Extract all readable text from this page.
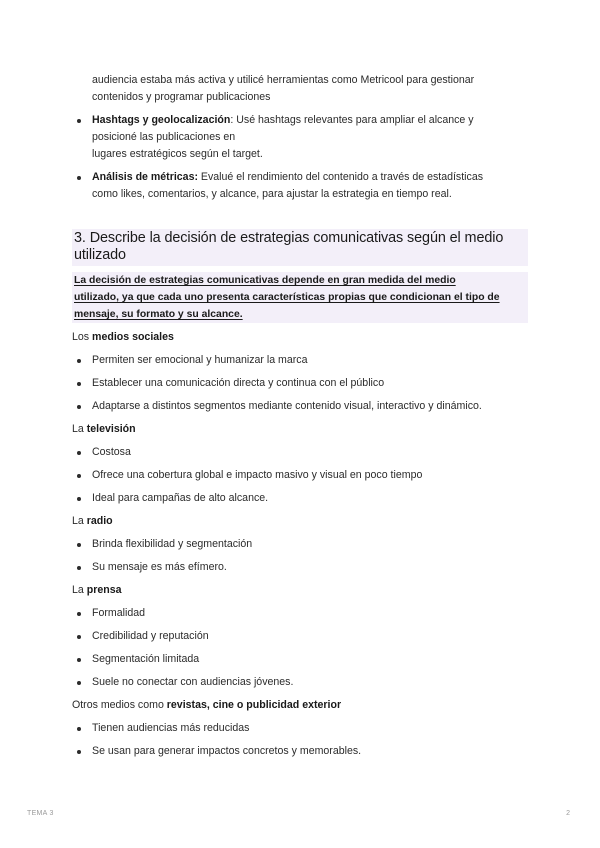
audiencia estaba más activa y utilicé herramientas como Metricool para gestionar
contenidos y programar publicaciones
Hashtags y geolocalización: Usé hashtags relevantes para ampliar el alcance y
posicioné las publicaciones en
lugares estratégicos según el target.
Análisis de métricas: Evalué el rendimiento del contenido a través de estadísticas
como likes, comentarios, y alcance, para ajustar la estrategia en tiempo real.
3. Describe la decisión de estrategias comunicativas según el medio
utilizado
La decisión de estrategias comunicativas depende en gran medida del medio
utilizado, ya que cada uno presenta características propias que condicionan el tipo de
mensaje, su formato y su alcance.
Los medios sociales
Permiten ser emocional y humanizar la marca
Establecer una comunicación directa y continua con el público
Adaptarse a distintos segmentos mediante contenido visual, interactivo y dinámico.
La televisión
Costosa
Ofrece una cobertura global e impacto masivo y visual en poco tiempo
Ideal para campañas de alto alcance.
La radio
Brinda flexibilidad y segmentación
Su mensaje es más efímero.
La prensa
Formalidad
Credibilidad y reputación
Segmentación limitada
Suele no conectar con audiencias jóvenes.
Otros medios como revistas, cine o publicidad exterior
Tienen audiencias más reducidas
Se usan para generar impactos concretos y memorables.
TEMA 3	2
